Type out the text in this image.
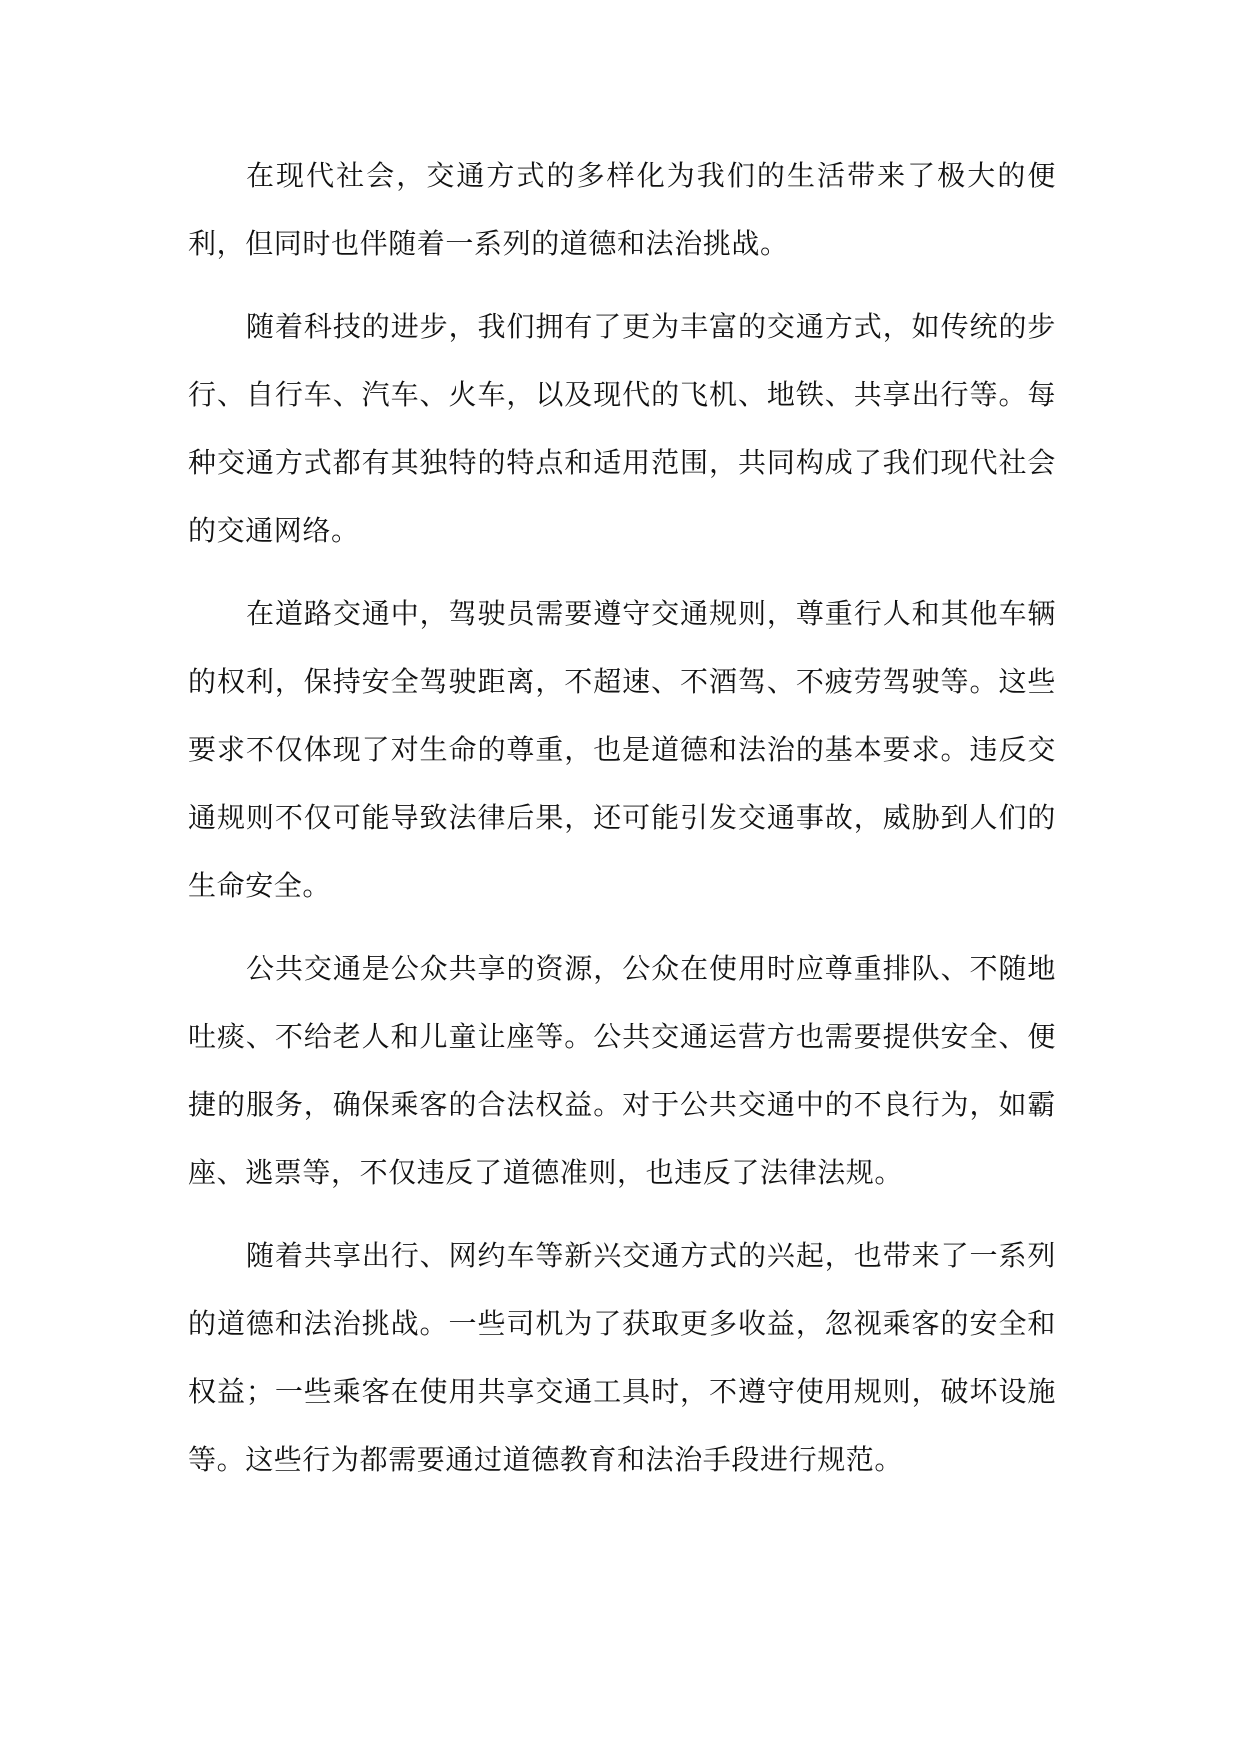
在现代社会，交通方式的多样化为我们的生活带来了极大的便利，但同时也伴随着一系列的道德和法治挑战。

随着科技的进步，我们拥有了更为丰富的交通方式，如传统的步行、自行车、汽车、火车，以及现代的飞机、地铁、共享出行等。每种交通方式都有其独特的特点和适用范围，共同构成了我们现代社会的交通网络。

在道路交通中，驾驶员需要遵守交通规则，尊重行人和其他车辆的权利，保持安全驾驶距离，不超速、不酒驾、不疲劳驾驶等。这些要求不仅体现了对生命的尊重，也是道德和法治的基本要求。违反交通规则不仅可能导致法律后果，还可能引发交通事故，威胁到人们的生命安全。

公共交通是公众共享的资源，公众在使用时应尊重排队、不随地吐痰、不给老人和儿童让座等。公共交通运营方也需要提供安全、便捷的服务，确保乘客的合法权益。对于公共交通中的不良行为，如霸座、逃票等，不仅违反了道德准则，也违反了法律法规。

随着共享出行、网约车等新兴交通方式的兴起，也带来了一系列的道德和法治挑战。一些司机为了获取更多收益，忽视乘客的安全和权益；一些乘客在使用共享交通工具时，不遵守使用规则，破坏设施等。这些行为都需要通过道德教育和法治手段进行规范。
